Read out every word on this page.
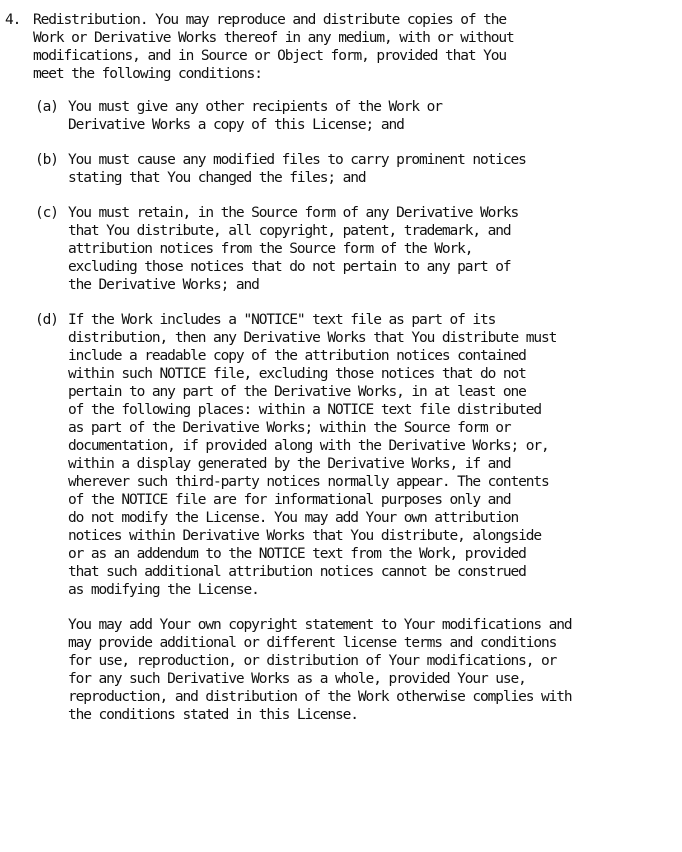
4. Redistribution. You may reproduce and distribute copies of the
Work or Derivative Works thereof in any medium, with or without
modifications, and in Source or Object form, provided that You
meet the following conditions:
(a) You must give any other recipients of the Work or
Derivative Works a copy of this License; and
(b) You must cause any modified files to carry prominent notices
stating that You changed the files; and
(c) You must retain, in the Source form of any Derivative Works
that You distribute, all copyright, patent, trademark, and
attribution notices from the Source form of the Work,
excluding those notices that do not pertain to any part of
the Derivative Works; and
(d) If the Work includes a "NOTICE" text file as part of its
distribution, then any Derivative Works that You distribute must
include a readable copy of the attribution notices contained
within such NOTICE file, excluding those notices that do not
pertain to any part of the Derivative Works, in at least one
of the following places: within a NOTICE text file distributed
as part of the Derivative Works; within the Source form or
documentation, if provided along with the Derivative Works; or,
within a display generated by the Derivative Works, if and
wherever such third-party notices normally appear. The contents
of the NOTICE file are for informational purposes only and
do not modify the License. You may add Your own attribution
notices within Derivative Works that You distribute, alongside
or as an addendum to the NOTICE text from the Work, provided
that such additional attribution notices cannot be construed
as modifying the License.
You may add Your own copyright statement to Your modifications and
may provide additional or different license terms and conditions
for use, reproduction, or distribution of Your modifications, or
for any such Derivative Works as a whole, provided Your use,
reproduction, and distribution of the Work otherwise complies with
the conditions stated in this License.
